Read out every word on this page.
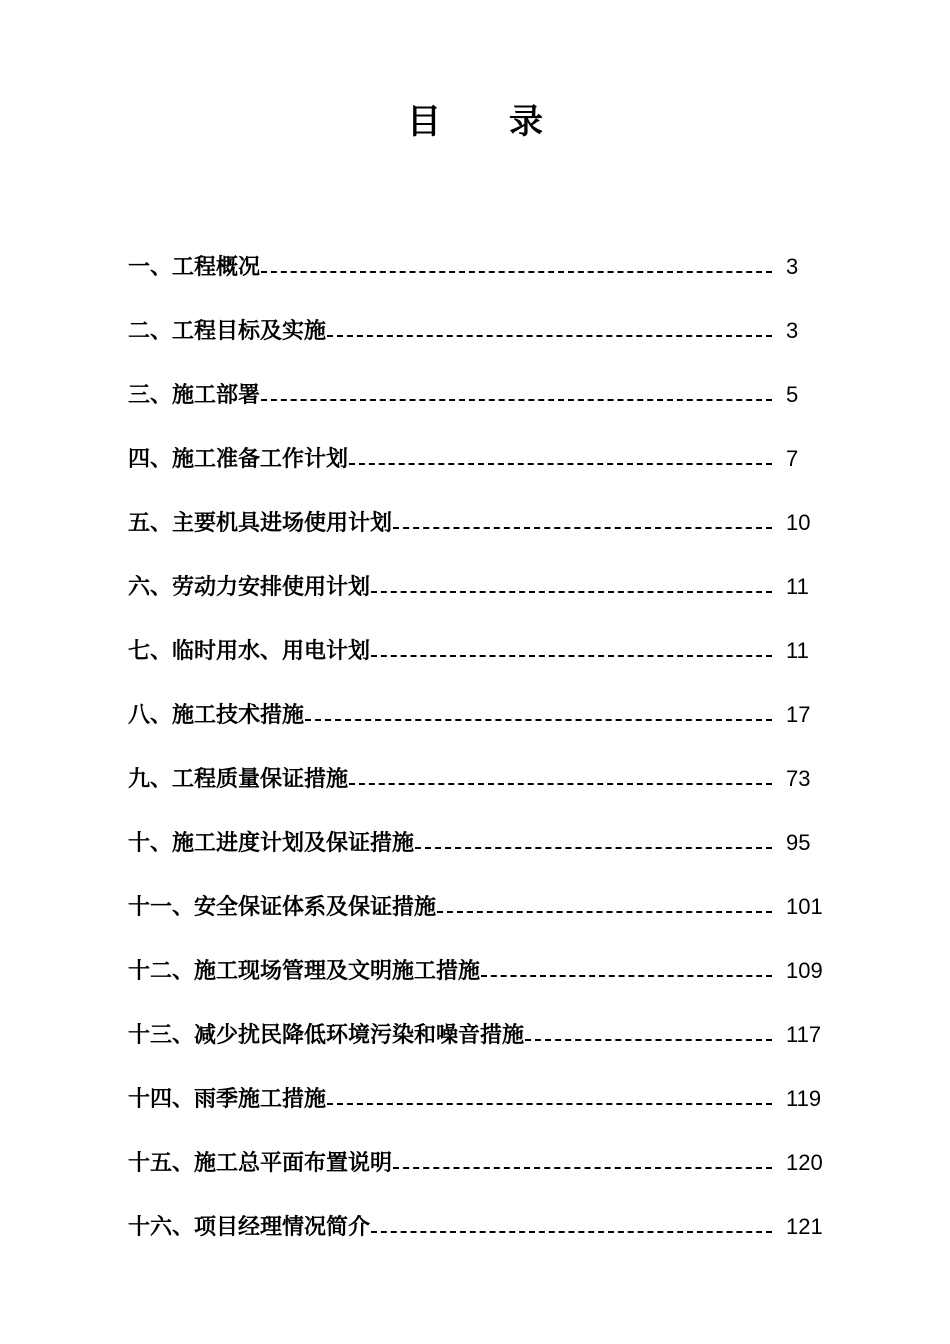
目 录
一、工程概况	3
二、工程目标及实施	3
三、施工部署	5
四、施工准备工作计划	7
五、主要机具进场使用计划	10
六、劳动力安排使用计划	11
七、临时用水、用电计划	11
八、施工技术措施	17
九、工程质量保证措施	73
十、施工进度计划及保证措施	95
十一、安全保证体系及保证措施	101
十二、施工现场管理及文明施工措施	109
十三、减少扰民降低环境污染和噪音措施	117
十四、雨季施工措施	119
十五、施工总平面布置说明	120
十六、项目经理情况简介	121
